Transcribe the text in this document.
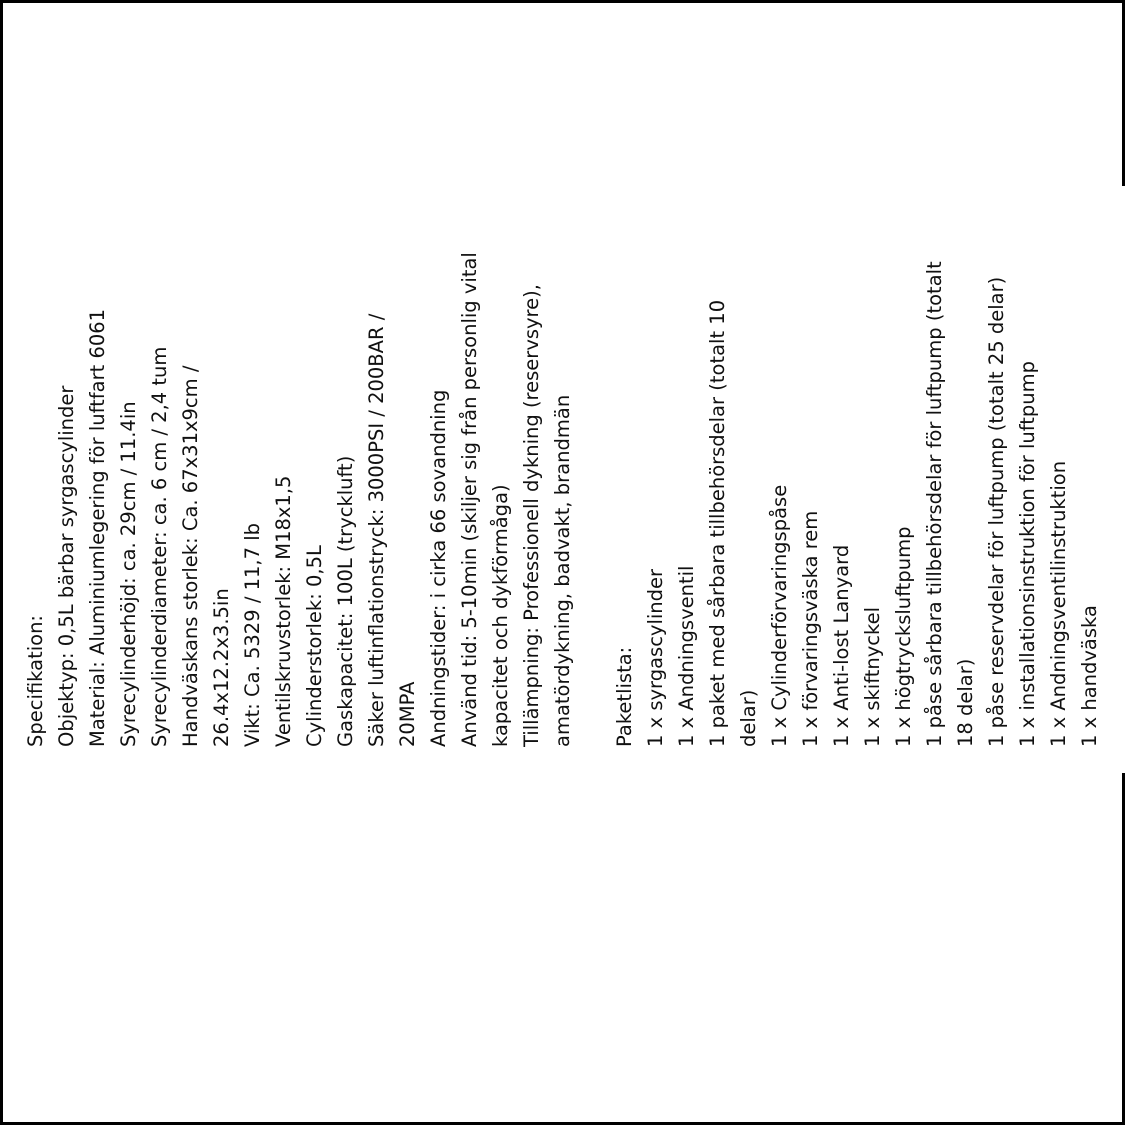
Specifikation: Objektyp: 0,5L bärbar syrgascylinder Material: Aluminiumlegering för luftfart 6061 Syrecylinderhöjd: ca. 29cm / 11.4in Syrecylinderdiameter: ca. 6 cm / 2,4 tum Handväskans storlek: Ca. 67x31x9cm / 26.4x12.2x3.5in Vikt: Ca. 5329 / 11,7 lb Ventilskruvstorlek: M18x1,5 Cylinderstorlek: 0,5L Gaskapacitet: 100L (tryckluft) Säker luftinflationstryck: 3000PSI / 200BAR / 20MPA Andningstider: i cirka 66 sovandning Använd tid: 5-10min (skiljer sig från personlig vital kapacitet och dykförmåga) Tillämpning: Professionell dykning (reservsyre), amatördykning, badvakt, brandmän Paketlista: 1 x syrgascylinder 1 x Andningsventil 1 paket med sårbara tillbehörsdelar (totalt 10 delar) 1 x Cylinderförvaringspåse 1 x förvaringsväska rem 1 x Anti-lost Lanyard 1 x skiftnyckel 1 x högtrycksluftpump 1 påse sårbara tillbehörsdelar för luftpump (totalt 18 delar) 1 påse reservdelar för luftpump (totalt 25 delar) 1 x installationsinstruktion för luftpump 1 x Andningsventilinstruktion 1 x handväska
